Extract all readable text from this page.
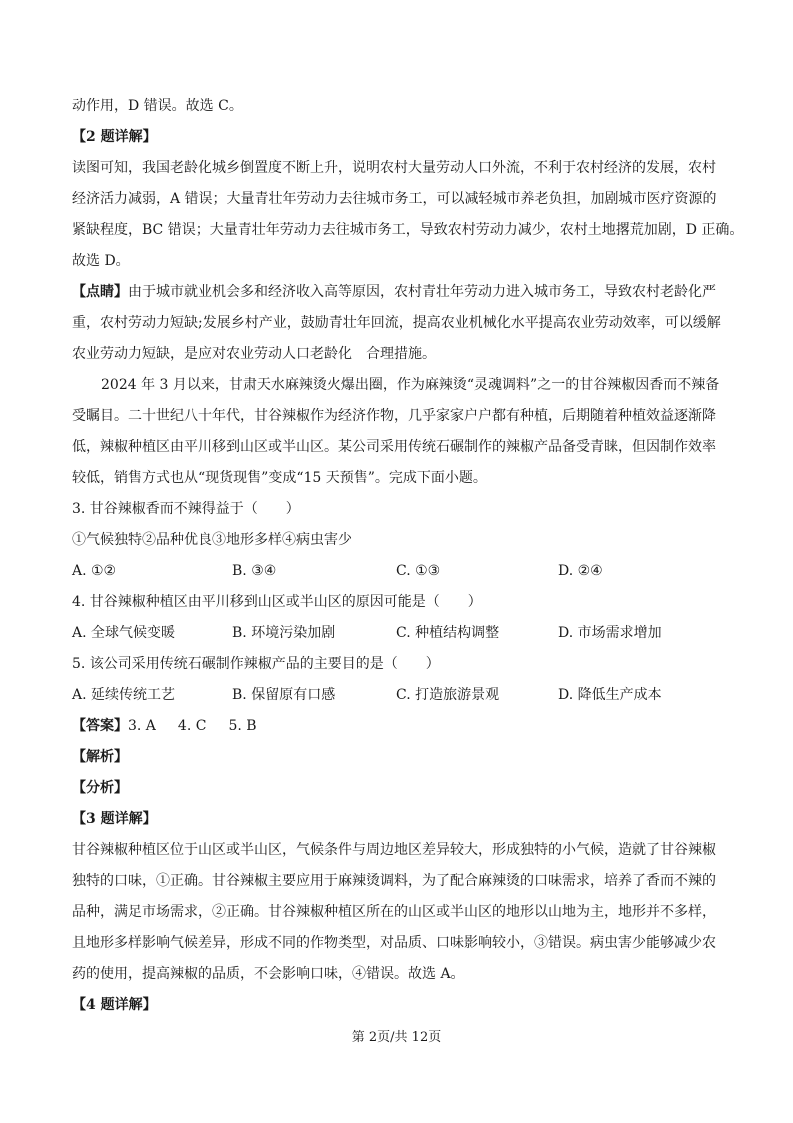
动作用，D 错误。故选 C。
【2 题详解】
读图可知，我国老龄化城乡倒置度不断上升，说明农村大量劳动人口外流，不利于农村经济的发展，农村
经济活力减弱，A 错误；大量青壮年劳动力去往城市务工，可以减轻城市养老负担，加剧城市医疗资源的
紧缺程度，BC 错误；大量青壮年劳动力去往城市务工，导致农村劳动力减少，农村土地撂荒加剧，D 正确。
故选 D。
【点睛】由于城市就业机会多和经济收入高等原因，农村青壮年劳动力进入城市务工，导致农村老龄化严
重，农村劳动力短缺;发展乡村产业，鼓励青壮年回流，提高农业机械化水平提高农业劳动效率，可以缓解
农业劳动力短缺，是应对农业劳动人口老龄化　合理措施。
2024 年 3 月以来，甘肃天水麻辣烫火爆出圈，作为麻辣烫“灵魂调料”之一的甘谷辣椒因香而不辣备
受瞩目。二十世纪八十年代，甘谷辣椒作为经济作物，几乎家家户户都有种植，后期随着种植效益逐渐降
低，辣椒种植区由平川移到山区或半山区。某公司采用传统石碾制作的辣椒产品备受青睐，但因制作效率
较低，销售方式也从“现货现售”变成“15 天预售”。完成下面小题。
3. 甘谷辣椒香而不辣得益于（　　）
①气候独特②品种优良③地形多样④病虫害少
A. ①②	B. ③④	C. ①③	D. ②④
4. 甘谷辣椒种植区由平川移到山区或半山区的原因可能是（　　）
A. 全球气候变暖	B. 环境污染加剧	C. 种植结构调整	D. 市场需求增加
5. 该公司采用传统石碾制作辣椒产品的主要目的是（　　）
A. 延续传统工艺	B. 保留原有口感	C. 打造旅游景观	D. 降低生产成本
【答案】3. A 4. C 5. B
【解析】
【分析】
【3 题详解】
甘谷辣椒种植区位于山区或半山区，气候条件与周边地区差异较大，形成独特的小气候，造就了甘谷辣椒
独特的口味，①正确。甘谷辣椒主要应用于麻辣烫调料，为了配合麻辣烫的口味需求，培养了香而不辣的
品种，满足市场需求，②正确。甘谷辣椒种植区所在的山区或半山区的地形以山地为主，地形并不多样，
且地形多样影响气候差异，形成不同的作物类型，对品质、口味影响较小，③错误。病虫害少能够减少农
药的使用，提高辣椒的品质，不会影响口味，④错误。故选 A。
【4 题详解】
第 2页/共 12页
